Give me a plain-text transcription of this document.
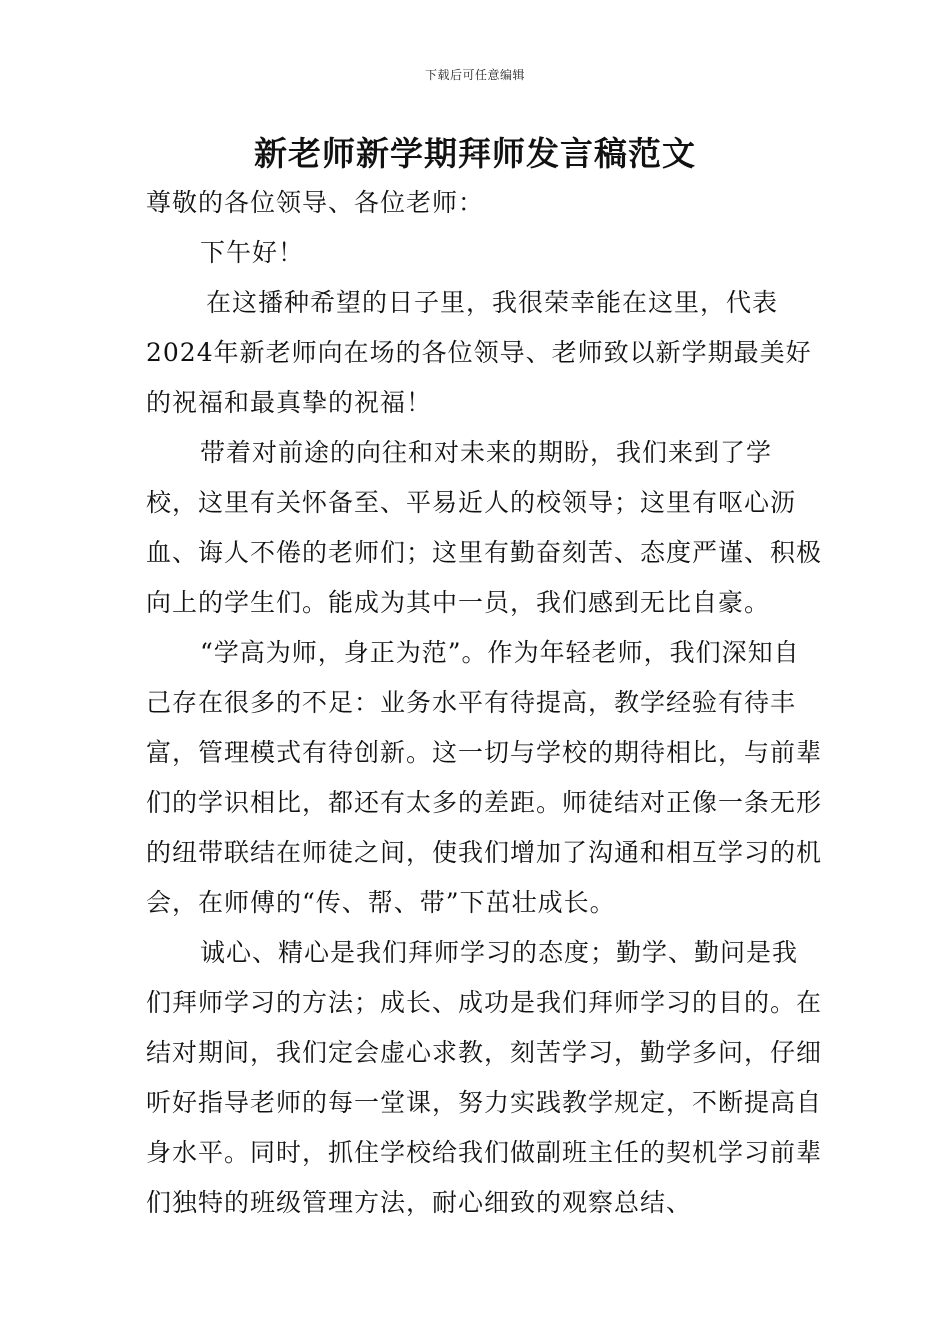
下载后可任意编辑
新老师新学期拜师发言稿范文

尊敬的各位领导、各位老师：

下午好！

在这播种希望的日子里，我很荣幸能在这里，代表2024年新老师向在场的各位领导、老师致以新学期最美好的祝福和最真挚的祝福！

带着对前途的向往和对未来的期盼，我们来到了学校，这里有关怀备至、平易近人的校领导；这里有呕心沥血、诲人不倦的老师们；这里有勤奋刻苦、态度严谨、积极向上的学生们。能成为其中一员，我们感到无比自豪。

“学高为师，身正为范”。作为年轻老师，我们深知自己存在很多的不足：业务水平有待提高，教学经验有待丰富，管理模式有待创新。这一切与学校的期待相比，与前辈们的学识相比，都还有太多的差距。师徒结对正像一条无形的纽带联结在师徒之间，使我们增加了沟通和相互学习的机会，在师傅的“传、帮、带”下茁壮成长。

诚心、精心是我们拜师学习的态度；勤学、勤问是我们拜师学习的方法；成长、成功是我们拜师学习的目的。在结对期间，我们定会虚心求教，刻苦学习，勤学多问，仔细听好指导老师的每一堂课，努力实践教学规定，不断提高自身水平。同时，抓住学校给我们做副班主任的契机学习前辈们独特的班级管理方法，耐心细致的观察总结、
